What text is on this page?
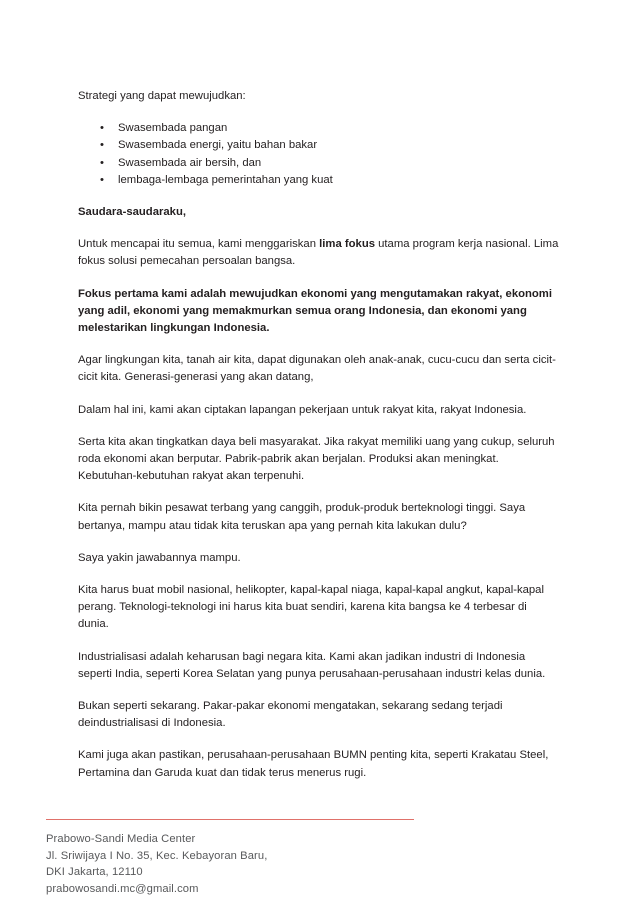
Strategi yang dapat mewujudkan:

• Swasembada pangan
• Swasembada energi, yaitu bahan bakar
• Swasembada air bersih, dan
• lembaga-lembaga pemerintahan yang kuat

Saudara-saudaraku,

Untuk mencapai itu semua, kami menggariskan lima fokus utama program kerja nasional. Lima fokus solusi pemecahan persoalan bangsa.

Fokus pertama kami adalah mewujudkan ekonomi yang mengutamakan rakyat, ekonomi yang adil, ekonomi yang memakmurkan semua orang Indonesia, dan ekonomi yang melestarikan lingkungan Indonesia.

Agar lingkungan kita, tanah air kita, dapat digunakan oleh anak-anak, cucu-cucu dan serta cicit-cicit kita. Generasi-generasi yang akan datang,

Dalam hal ini, kami akan ciptakan lapangan pekerjaan untuk rakyat kita, rakyat Indonesia.

Serta kita akan tingkatkan daya beli masyarakat. Jika rakyat memiliki uang yang cukup, seluruh roda ekonomi akan berputar. Pabrik-pabrik akan berjalan. Produksi akan meningkat. Kebutuhan-kebutuhan rakyat akan terpenuhi.

Kita pernah bikin pesawat terbang yang canggih, produk-produk berteknologi tinggi. Saya bertanya, mampu atau tidak kita teruskan apa yang pernah kita lakukan dulu?

Saya yakin jawabannya mampu.

Kita harus buat mobil nasional, helikopter, kapal-kapal niaga, kapal-kapal angkut, kapal-kapal perang. Teknologi-teknologi ini harus kita buat sendiri, karena kita bangsa ke 4 terbesar di dunia.

Industrialisasi adalah keharusan bagi negara kita. Kami akan jadikan industri di Indonesia seperti India, seperti Korea Selatan yang punya perusahaan-perusahaan industri kelas dunia.

Bukan seperti sekarang. Pakar-pakar ekonomi mengatakan, sekarang sedang terjadi deindustrialisasi di Indonesia.

Kami juga akan pastikan, perusahaan-perusahaan BUMN penting kita, seperti Krakatau Steel, Pertamina dan Garuda kuat dan tidak terus menerus rugi.

Prabowo-Sandi Media Center
Jl. Sriwijaya I No. 35, Kec. Kebayoran Baru,
DKI Jakarta, 12110
prabowosandi.mc@gmail.com
